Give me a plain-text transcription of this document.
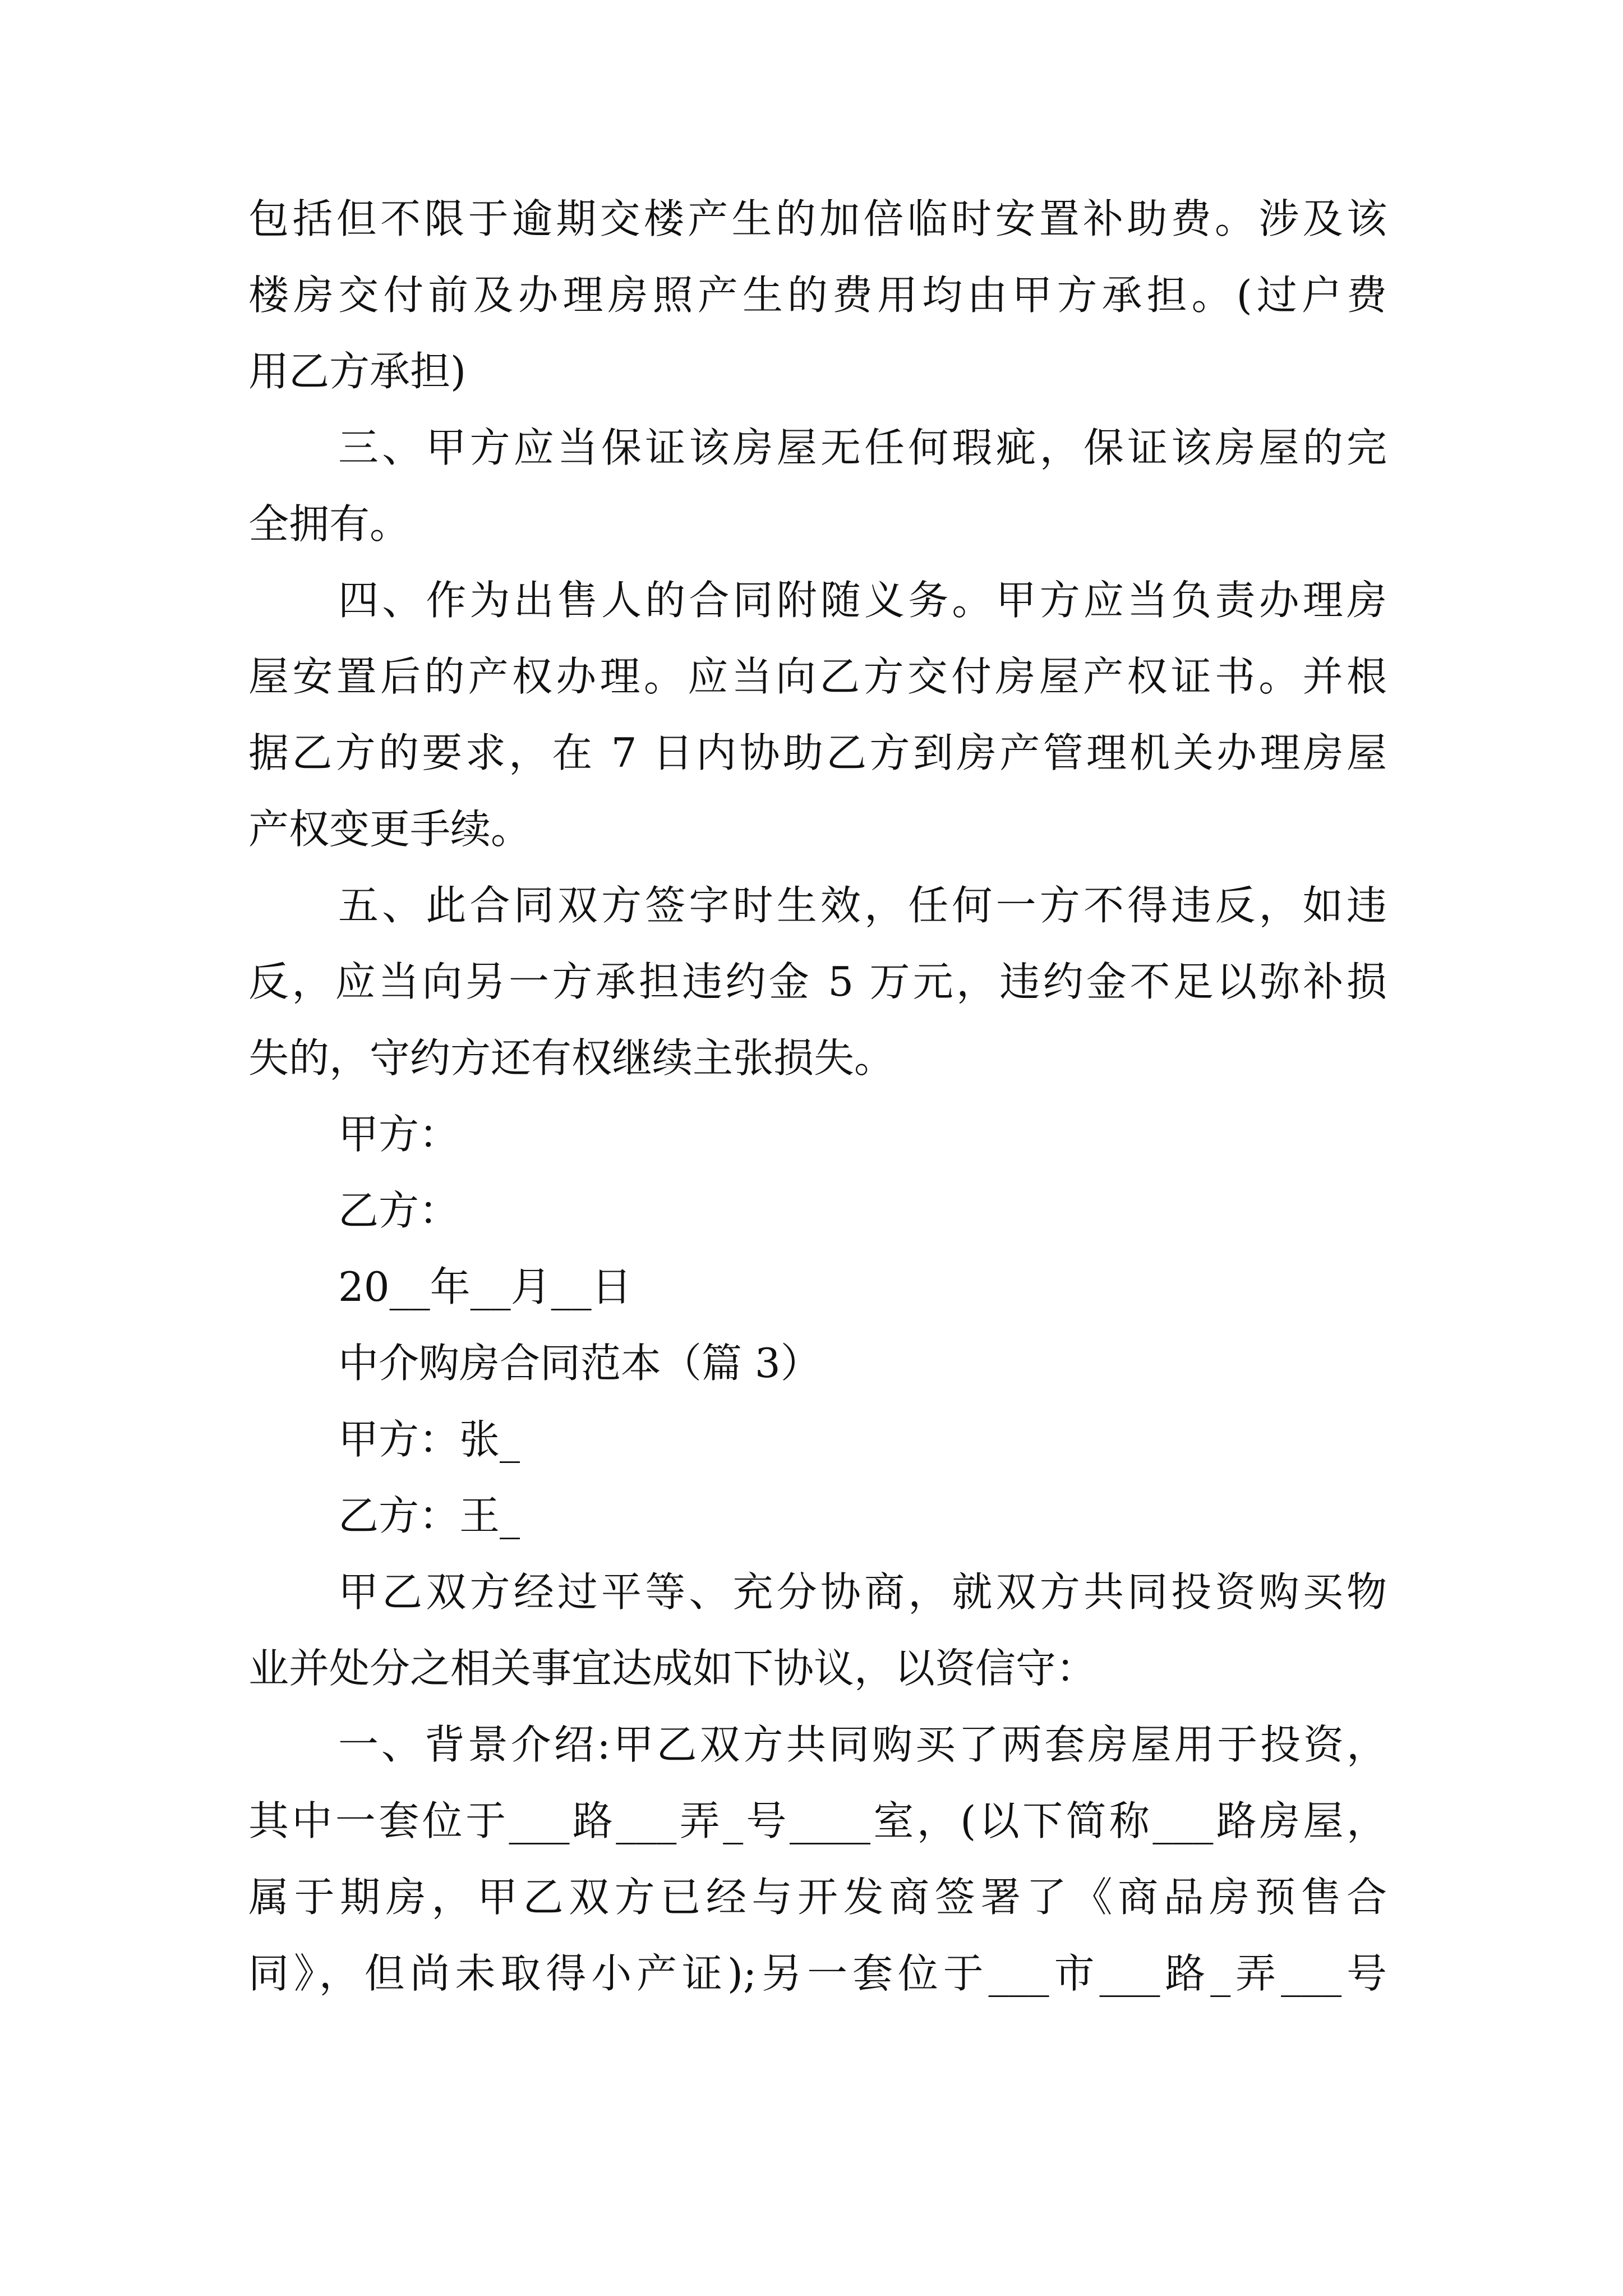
包括但不限于逾期交楼产生的加倍临时安置补助费。涉及该
楼房交付前及办理房照产生的费用均由甲方承担。(过户费
用乙方承担)
三、甲方应当保证该房屋无任何瑕疵，保证该房屋的完
全拥有。
四、作为出售人的合同附随义务。甲方应当负责办理房
屋安置后的产权办理。应当向乙方交付房屋产权证书。并根
据乙方的要求，在 7 日内协助乙方到房产管理机关办理房屋
产权变更手续。
五、此合同双方签字时生效，任何一方不得违反，如违
反，应当向另一方承担违约金 5 万元，违约金不足以弥补损
失的，守约方还有权继续主张损失。
甲方：
乙方：
20__年__月__日
中介购房合同范本（篇 3）
甲方：张_
乙方：王_
甲乙双方经过平等、充分协商，就双方共同投资购买物
业并处分之相关事宜达成如下协议，以资信守：
一、背景介绍:甲乙双方共同购买了两套房屋用于投资，
其中一套位于___路___弄_号____室，(以下简称___路房屋，
属于期房，甲乙双方已经与开发商签署了《商品房预售合
同》，但尚未取得小产证);另一套位于___市___路_弄___号
